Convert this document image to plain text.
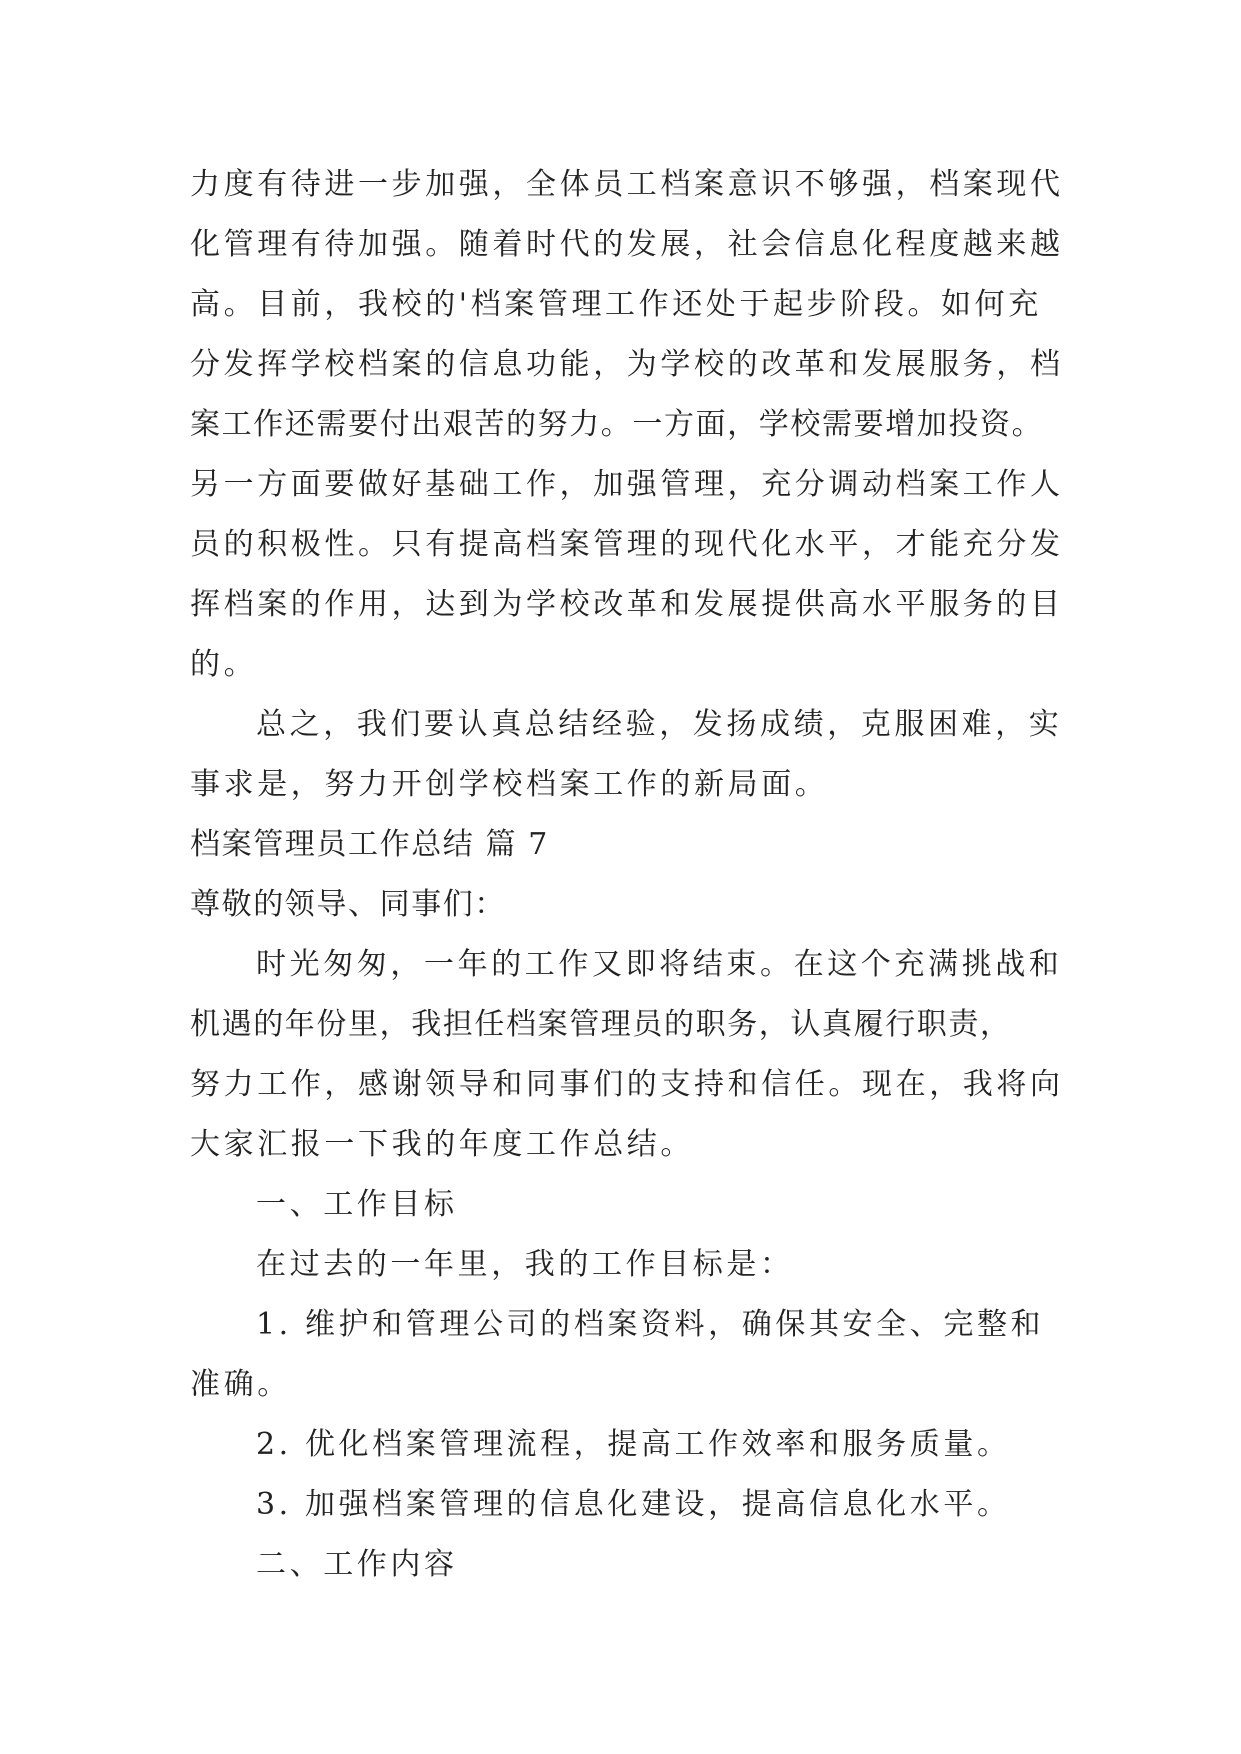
力度有待进一步加强，全体员工档案意识不够强，档案现代
化管理有待加强。随着时代的发展，社会信息化程度越来越
高。目前，我校的'档案管理工作还处于起步阶段。如何充
分发挥学校档案的信息功能，为学校的改革和发展服务，档
案工作还需要付出艰苦的努力。一方面，学校需要增加投资。
另一方面要做好基础工作，加强管理，充分调动档案工作人
员的积极性。只有提高档案管理的现代化水平，才能充分发
挥档案的作用，达到为学校改革和发展提供高水平服务的目
的。
总之，我们要认真总结经验，发扬成绩，克服困难，实
事求是，努力开创学校档案工作的新局面。
档案管理员工作总结 篇 7
尊敬的领导、同事们：
时光匆匆，一年的工作又即将结束。在这个充满挑战和
机遇的年份里，我担任档案管理员的职务，认真履行职责，
努力工作，感谢领导和同事们的支持和信任。现在，我将向
大家汇报一下我的年度工作总结。
一、工作目标
在过去的一年里，我的工作目标是：
1. 维护和管理公司的档案资料，确保其安全、完整和
准确。
2. 优化档案管理流程，提高工作效率和服务质量。
3. 加强档案管理的信息化建设，提高信息化水平。
二、工作内容
